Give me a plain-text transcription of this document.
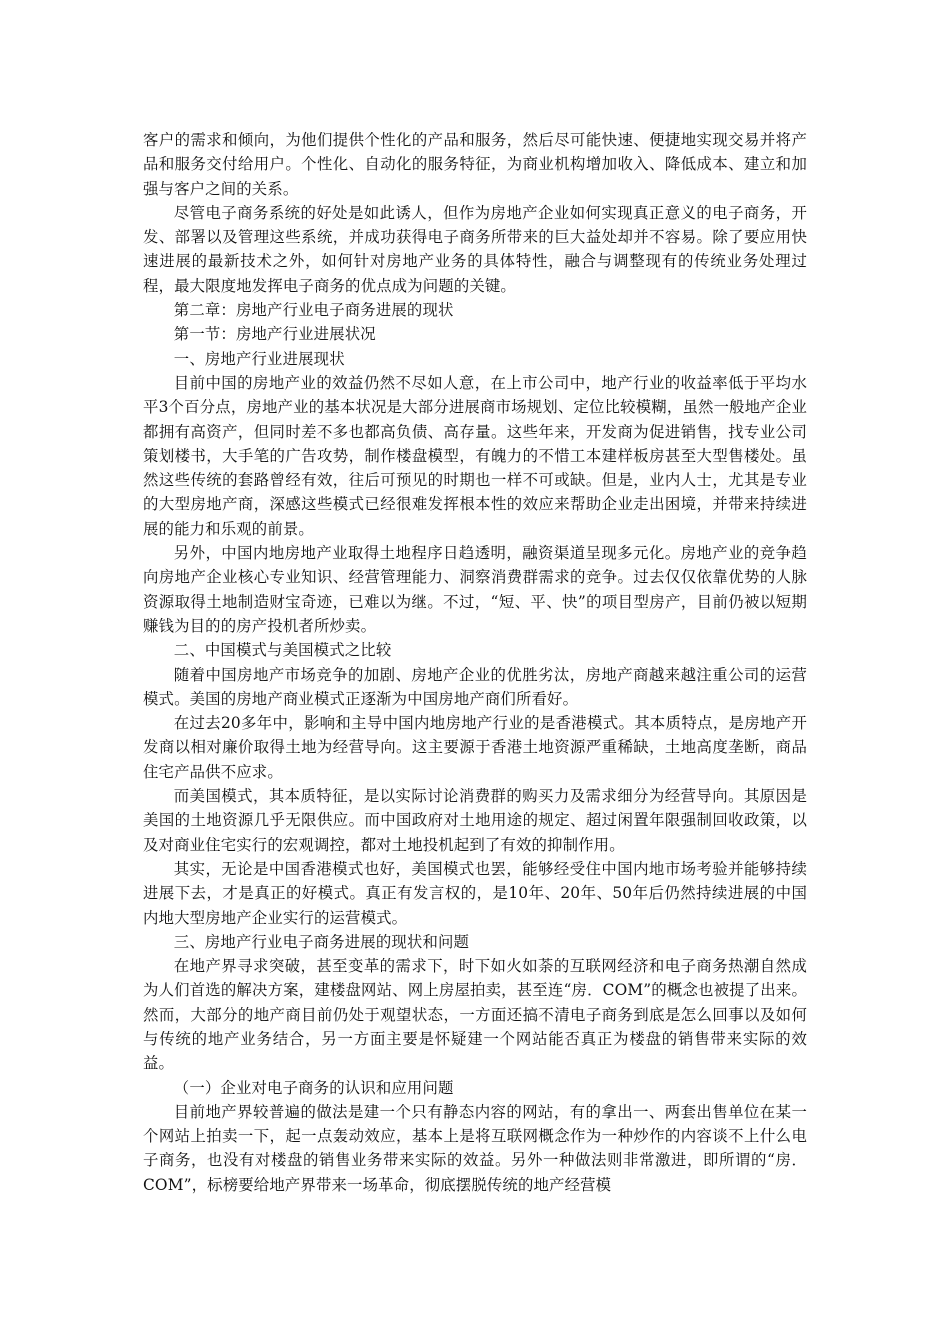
客户的需求和倾向，为他们提供个性化的产品和服务，然后尽可能快速、便捷地实现交易并将产品和服务交付给用户。个性化、自动化的服务特征，为商业机构增加收入、降低成本、建立和加强与客户之间的关系。

尽管电子商务系统的好处是如此诱人，但作为房地产企业如何实现真正意义的电子商务，开发、部署以及管理这些系统，并成功获得电子商务所带来的巨大益处却并不容易。除了要应用快速进展的最新技术之外，如何针对房地产业务的具体特性，融合与调整现有的传统业务处理过程，最大限度地发挥电子商务的优点成为问题的关键。

第二章：房地产行业电子商务进展的现状

第一节：房地产行业进展状况

一、房地产行业进展现状

目前中国的房地产业的效益仍然不尽如人意，在上市公司中，地产行业的收益率低于平均水平3个百分点，房地产业的基本状况是大部分进展商市场规划、定位比较模糊，虽然一般地产企业都拥有高资产，但同时差不多也都高负债、高存量。这些年来，开发商为促进销售，找专业公司策划楼书，大手笔的广告攻势，制作楼盘模型，有魄力的不惜工本建样板房甚至大型售楼处。虽然这些传统的套路曾经有效，往后可预见的时期也一样不可或缺。但是，业内人士，尤其是专业的大型房地产商，深感这些模式已经很难发挥根本性的效应来帮助企业走出困境，并带来持续进展的能力和乐观的前景。

另外，中国内地房地产业取得土地程序日趋透明，融资渠道呈现多元化。房地产业的竞争趋向房地产企业核心专业知识、经营管理能力、洞察消费群需求的竞争。过去仅仅依靠优势的人脉资源取得土地制造财宝奇迹，已难以为继。不过，“短、平、快”的项目型房产，目前仍被以短期赚钱为目的的房产投机者所炒卖。

二、中国模式与美国模式之比较

随着中国房地产市场竞争的加剧、房地产企业的优胜劣汰，房地产商越来越注重公司的运营模式。美国的房地产商业模式正逐渐为中国房地产商们所看好。

在过去20多年中，影响和主导中国内地房地产行业的是香港模式。其本质特点，是房地产开发商以相对廉价取得土地为经营导向。这主要源于香港土地资源严重稀缺，土地高度垄断，商品住宅产品供不应求。

而美国模式，其本质特征，是以实际讨论消费群的购买力及需求细分为经营导向。其原因是美国的土地资源几乎无限供应。而中国政府对土地用途的规定、超过闲置年限强制回收政策，以及对商业住宅实行的宏观调控，都对土地投机起到了有效的抑制作用。

其实，无论是中国香港模式也好，美国模式也罢，能够经受住中国内地市场考验并能够持续进展下去，才是真正的好模式。真正有发言权的，是10年、20年、50年后仍然持续进展的中国内地大型房地产企业实行的运营模式。

三、房地产行业电子商务进展的现状和问题

在地产界寻求突破，甚至变革的需求下，时下如火如荼的互联网经济和电子商务热潮自然成为人们首选的解决方案，建楼盘网站、网上房屋拍卖，甚至连“房．COM”的概念也被提了出来。然而，大部分的地产商目前仍处于观望状态，一方面还搞不清电子商务到底是怎么回事以及如何与传统的地产业务结合，另一方面主要是怀疑建一个网站能否真正为楼盘的销售带来实际的效益。

（一）企业对电子商务的认识和应用问题

目前地产界较普遍的做法是建一个只有静态内容的网站，有的拿出一、两套出售单位在某一个网站上拍卖一下，起一点轰动效应，基本上是将互联网概念作为一种炒作的内容谈不上什么电子商务，也没有对楼盘的销售业务带来实际的效益。另外一种做法则非常激进，即所谓的“房．COM”，标榜要给地产界带来一场革命，彻底摆脱传统的地产经营模
